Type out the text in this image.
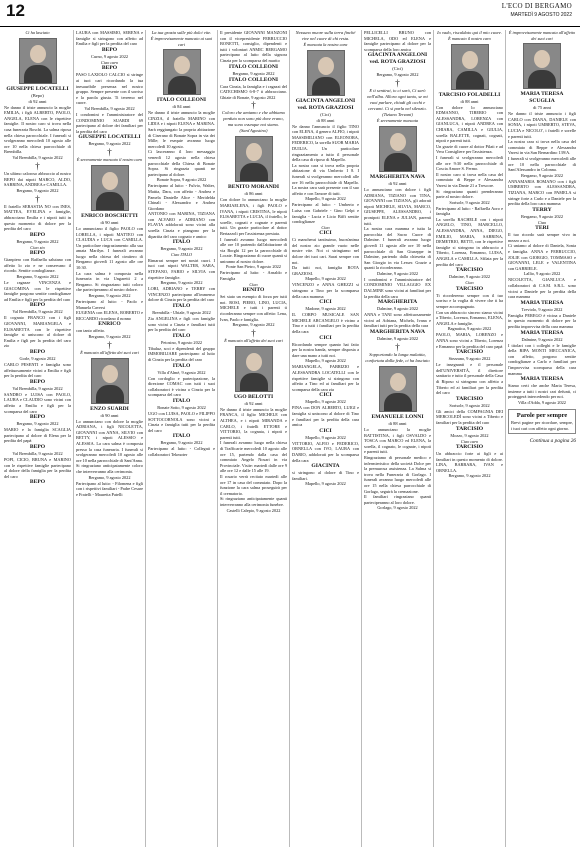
12	L'ECO DI BERGAMO
MARTEDÌ 9 AGOSTO 2022
Ci ha lasciato
GIUSEPPE LOCATELLI
(Bepo)
di 92 anni
Ne danno il triste annuncio la moglie EMILIA, i figli ALBERTO, PAOLO, ANGELA, ELENA con le rispettive famiglie. Il nostro caro si trova nella casa funeraria Boschi. La salma riposa nella chiesa parrocchiale. I funerali si svolgeranno mercoledì 10 agosto alle ore 10 nella chiesa parrocchiale di Brembilla.
Val Brembilla, 9 agosto 2022
†
Un ultimo caloroso abbraccio al nostro BEPO dai nipoti MARCO, ALDO, SABRINA, ANDREA e CAMILLA.
Bergamo, 9 agosto 2022
†
Il fratello SEBASTIA NO con INES, MATTEA, EVELINA e famiglie, abbracciano Emilia e i nipoti tutti in questo momento di dolore per la perdita del caro
BEPO
Bergamo, 9 agosto 2022
Ciao zio
BEPO
Gianpiero con Raffaella salutano con affetto lo zio e ne conservano il ricordo. Sentite condoglianze.
Bergamo, 9 agosto 2022
Le ragazze VINCENZA e GIACOMINA con le rispettive famiglie porgono sentite condoglianze ad Emilia e figli per la perdita del caro
BEPO
Val Brembilla, 9 agosto 2022
Il cognato FRANCO con i figli GIOVANNI, MARIANGELA e ELISABETTA con le rispettive famiglie si uniscono al dolore di Emilia e figli per la perdita del caro zio
BEPO
Gorle, 9 agosto 2022
CARLO PESENTI e famiglia sono affettuosamente vicini a Emilia e figli per la perdita del caro
BEPO
Val Brembilla, 9 agosto 2022
SANDRO e LUISA con PAOLO, LAURA e CLAUDIO sono vicini con affetto a Emilia e figli per la scomparsa del caro
BEPO
Bergamo, 9 agosto 2022
MARIO e la famiglia SCAGLIA partecipano al dolore di Elena per la perdita del papà
BEPO
Val Brembilla, 9 agosto 2022
POPI, CICIO, BRUNA e MARINO con le rispettive famiglie partecipano al dolore della famiglia per la perdita del caro
BEPO
LAURA con MASSIMO, SERENA e famiglie si stringono con affetto ad Emilia e figli per la perdita del caro
BEPO
Curno, 9 agosto 2022
Ciao caro
BEPO
PASO LAXIOLO CALCIO si stringe ai tuoi cari ricordando la tua inesauribile presenza nel nostro gruppo. Sempre presente con il sorriso e la parola giusta. Ti terremo nel cuore.
Val Brembilla, 9 agosto 2022
I condomini e l'amministratore del CONDOMINIO SUARDI 69 partecipano al dolore dei familiari per la perdita del caro
GIUSEPPE LOCATELLI
Bergamo, 9 agosto 2022
†
È serenamente mancato il nostro caro
ENRICO BOSCHETTI
di 90 anni
Lo annunciano il figlio PAOLO con LORELLA, i nipoti MATTEO con CLAUDIA e LUCA con CAMILLA. Un particolare ringraziamento alla sua amata Marilyn. I funerali avranno luogo nella chiesa del cimitero di Bergamo giovedì 11 agosto alle ore 10:30.
La cara salma è composta nella funeraria in via Ungaretti 2 a Bergamo. Si ringraziano tutti coloro che parteciperanno al nostro dolore.
Bergamo, 9 agosto 2022
Partecipano al lutto: - Paolo e Manuela Caversi
EUGENIA con ELENA, ROBERTO e RICCARDO ricordano il nonno
ENRICO
con tanto affetto.
Bergamo, 9 agosto 2022
†
È mancato all'affetto dei suoi cari
ENZO SUARDI
di 90 anni
Lo annunciano con dolore la moglie ADRIANA, i figli NICOLETTA, GIOVANNI con ANNA, SILVIO con BETTY, i nipoti ALESSIO e ALESSIA. La cara salma è composta presso la casa funeraria. I funerali si svolgeranno mercoledì 10 agosto alle ore 10 nella parrocchiale di Sant'Anna.
Si ringraziano anticipatamente coloro che interverranno alla cerimonia.
Bergamo, 9 agosto 2022
Partecipano al lutto: - Filomena e figli con i rispettivi familiari - Padre Cesare e Fratelli - Mauretta Patelli
La tua grazia sulle più dolci vite.
È improvvisamente mancato ai suoi cari
ITALO COLLEONI
di 84 anni
Ne danno il triste annuncio la moglie CINZIA, il fratello MARINO con LIDIA e i nipoti ELENA e MARINA. Sarà reggiungato la propria abitazione di Ciserano di Bonate Sopra in via dei Mille; le esequie avranno luogo mercoledì 10 agosto.
Ci lasceranno il loro messaggio venerdì 12 agosto nella chiesa parrocchiale della Chiesa di Bonate Sopra. Si ringrazia quanti ne partecipano al dolore.
Bonate Sopra, 9 agosto 2022
Partecipano al lutto: - Fulvio, Walter, Mattia, Dara, con affetto - Andrea e Pamela Danielle Alice - Meridelda Chinali - Alessandro e Andrea Giordano
ANTONIO con MARINA, TIZIANA con ALVARO e ADRIANO con FLAVIA addolorati sono vicini alla sorella Cinzia e piangono per la dipartita del caro cognato e amico
ITALO
Bergamo, 9 agosto 2022
Ciao ITALO
Rimarrai sempre nei nostri cuori. I tuoi cari nipoti WALTER, SARA, STEFANO, FABIO e SILVIA con rispettive famiglie.
Bergamo, 9 agosto 2022
LORI, ADRIANO e TERRY con VINCENZO partecipano all'immenso dolore di Cinzia per la perdita del caro
ITALO
Brembilla - Ubiale, 9 agosto 2022
Zia ANGELINA e figli con famiglie sono vicini a Cinzia e familiari tutti per la perdita del caro
ITALO
Petosino, 9 agosto 2022
Tibaluz, soci e dipendenti del gruppo IMMOBILIARE partecipano al lutto di Cinzia per la perdita del caro
ITALO
Villa d'Almè, 9 agosto 2022
Con cordoglio e partecipazione, la direzione COMAC con tutti i suoi collaboratori è vicina a Cinzia per la scomparsa del caro
ITALO
Bonate Sotto, 9 agosto 2022
UGO con LUISA, PAOLO e FILIPPO SOTTOCORNOLA sono vicini a Cinzia e famiglia tutti per la perdita del caro
ITALO
Bergamo, 9 agosto 2022
Partecipano al lutto: - Collegati e collaboratori Tekmoter
Il presidente GIOVANNI MANZONI con il vicepresidente FERRUCCIO BONETTI, consiglio, dipendenti e tutti i volontari ANMIC BERGAMO partecipano al lutto della signora Cinzia per la scomparsa del marito
ITALO COLLEONI
Bergamo, 9 agosto 2022
ITALO COLLEONI
Cara Cinzia, la famiglia e i ragazzi del CATECHISMO 6-8-7 ti abbracciano. Ghiaie di Bonate, 9 agosto 2022
†
Coloro che amiamo e che abbiamo perduto non sono più dove erano, ma sono ovunque noi siamo. (Sant'Agostino)
BENITO MORANDI
di 86 anni
Con dolore lo annunciano la moglie MARIAELENA, i figli PAOLO e IVANA, i nipoti CRISTINA, le nipoti ELISABETTA e LUCIA, il fratello, le sorelle, cognati e cognate e parenti tutti. Un grazie particolare al dottor Bertazzoli per l'assistenza prestata.
I funerali avranno luogo mercoledì alle ore 10 partendo dall'abitazione di via Borghi 12 per la parrocchiale di Locate. Ringraziamo di cuore quanti si uniranno al nostro dolore.
Ponte San Pietro, 9 agosto 2022
Partecipano al lutto: - Arnaldo e Famiglia
Ciao
BENITO
Sei stato un esempio di forza per tutti noi. ROSI, PIERO, LINO, LUCIA, MICHELE e tutti i parenti ti ricorderanno sempre con affetto: Lena, Ivan, Paolo e famiglia.
Bergamo, 9 agosto 2022
†
È mancato all'affetto dei suoi cari
UGO BELOTTI
di 92 anni
Ne danno il triste annuncio la moglie FRANCA, il figlio MICHELE con ALTHEA, e i nipoti MIRANDA e CARLO, i fratelli ETTORE e VITTORIO, la cognata, i nipoti e parenti tutti.
I funerali avranno luogo nella chiesa di Trafficarte mercoledì 10 agosto alle ore 15, partendo dalla casa del commiato Angelo Nosari in via Provinciale. Visite: martedì dalle ore 9 alle ore 12 e dalle 15 alle 19.
Il rosario verrà recitato martedì alle ore 17 in casa del commiato. Dopo la funzione la cara salma proseguirà per il crematorio.
Si ringraziano anticipatamente quanti interverranno alla cerimonia funebre.
Castelli Calepio, 9 agosto 2022
Nessuno muore sulla terra finché vive nel cuore di chi resta.
È mancata la nostra cara
GIACINTA ANGELONI ved. ROTA GRAZIOSI
(Cici)
di 88 anni
Ne danno l'annuncio il figlio TINO con ELENA, il genero ALFIO, i nipoti MASSIMILIANO con ELEONORA, FEDERICO, la sorella SUOR MARIA DUILIA. Un particolare ringraziamento a tutto il personale della casa di riposo di Mapello.
La nostra cara si trova nella propria abitazione di via Umberto I 8. I funerali si svolgeranno mercoledì alle ore 16 nella parrocchiale di Mapello. La nostra cara sarà presente con il suo affetto e con l'amore di tutti.
Mapello, 9 agosto 2022
Partecipano al lutto: - Umberto e Luisa con Gabriele - Gino Gelpi e famiglia - Lucia e Licio Biffi sentite condoglianze
Ciao
CICI
Ci mancherai tantissimo, buon'anima del nostro zio grande vuoto nelle nostre vite. Noi ci stringiamo nel dolore dei tuoi cari. Sarai sempre con noi.
Da tutti noi, famiglia ROTA GRAZIOSI.
Mapello, 9 agosto 2022
VINCENZO e ANNA GHEZZI si stringono a Tino per la scomparsa della cara mamma
CICI
Madone, 9 agosto 2022
IL CORPO MUSICALE SAN MICHELE ARCANGELO è vicino a Tino e a tutti i familiari per la perdita della cara
CICI
Ricordando sempre quanto hai fatto per la nostra banda, sempre disposta a dare una mano a tutti noi.
Mapello, 9 agosto 2022
MARIANGELA, FABRIZIO e ALESSANDRA LOCATELLI con le rispettive famiglie si stringono con affetto a Tino ed ai familiari per la scomparsa della cara zia
CICI
Mapello, 9 agosto 2022
PINA con DON ALBERTO, LUIGI e famiglia si uniscono al dolore di Tino e familiari per la perdita della cara amica
CICI
Mapello, 9 agosto 2022
VITTORIO, ALFIO e FEDERICO, ORNELLA con IVO, LAURA con DARIO, addolorati per la scomparsa della cara
GIACINTA
si stringono al dolore di Tino e familiari.
Mapello, 9 agosto 2022
PELLICELLI BRUNO con MICHELA, ODO ed ELENA e famiglie partecipano al dolore per la scomparsa della loro amica
GIACINTA ANGELONI ved. ROTA GRAZIOSI
(Cici)
Bergamo, 9 agosto 2022
†
E ti sentirai, io ci sarò, Ci sarò nell'alba. Allora ogni tanto, se mi vuoi parlare, chiudi gli occhi e cercami. Ci si parla nel silenzio. (Tiziano Terzani)
È serenamente mancata
MARGHERITA NAVA
di 92 anni
Lo annunciano con dolore i figli ADRIANA, TIZIANO con TINA, GIOVANNI con TIZIANA, gli adorati nipoti MICHELE, SILVIA, MARCO, GIUSEPPE, ALESSANDRO, i pronipoti ELENA e JULIAN, parenti tutti.
La nostra cara mamma e tutta la parrocchia del Sacro Cuore di Dalmine. I funerali avranno luogo giovedì 11 agosto alle ore 10 nella parrocchiale di San Giuseppe in Dalmine, partendo dalla chiesetta di San Giorgio in via Lesser. Grazie a quanti la ricorderanno.
Dalmine, 9 agosto 2022
I condomini e l'amministratore del CONDOMINIO VILLAGGIO EX DALMINE sono vicini ai familiari per la perdita della cara
MARGHERITA
Dalmine, 9 agosto 2022
ANNA e TANI sono affettuosamente vicini ad Adriana, Michela, Ivana e familiari tutti per la perdita della cara
MARGHERITA NAVA
Dalmine, 9 agosto 2022
†
Sopportando la lunga malattia, confortata dalla fede, ci ha lasciato
EMANUELE LONNI
di 88 anni
Lo annunciano la moglie BATTISTINA, i figli OSVALDO e TOSCA con MARCO ed ELENA, la sorella, il cognato, le cognate, i nipoti e parenti tutti.
Ringraziamo di personale medico e infermieristico della società Dolce per la premurosa assistenza. La Salma si trova nella Funeraria di Gorlago. I funerali avranno luogo mercoledì alle ore 15 nella chiesa parrocchiale di Gorlago, seguirà la cremazione.
Il familiari ringraziano quanti parteciperanno al loro dolore.
Gorlago, 9 agosto 2022
Io vado, riscaldato qui il mio cuore.
È mancato il nostro caro
TARCISIO FOLADELLI
di 88 anni
Con dolore lo annunciano EDMANNO, TIBERIO con ALESSANDRA, LORENZA con GIANLUCA, i nipoti ANDREA con CHIARA, CAMILLA e GIULIA, sorella BALETTE, cognati, cognati, nipoti e parenti tutti.
Un grazie di cuore al dottor Pilati e ad Vera Consigliere per l'assistenza.
I funerali si svolgeranno mercoledì alle ore 9:30 nella parrocchiale di Coscia Amore S. Fermo.
Il nostro caro si trova nella casa del commiato di Beppe e Alessandra Varesi in via Dante 21 a Trescore.
Si ringraziano quanti prenderanno parte al nostro dolore.
Sorisole, 9 agosto 2022
Partecipano al lutto: - Raffaella Aoro e famiglia
La sorella RACHELE con i nipoti ANGELO, TINO, MARCELLO, ALESSANDRA, ANNA, DIEGO, EMILIO, MARIA, SABRINA, DEMETRIO, BETTI, con le rispettive famiglie si stringono in abbraccio a Tiberio, Lorenza, Ermanno, LUISA, ANGELA e CAMILLA. Sfilata per la perdita del caro
TARCISIO
Dalmine, 9 agosto 2022
Ciao
TARCISIO
Ti ricorderemo sempre con il tuo sorriso e la voglia di vivere che ti ha sempre accompagnato.
Con un abbraccio sincero siamo vicini a Tiberio, Lorenza, Ermanno, ELENA, ANGELA e famiglie.
Bagnatica, 9 agosto 2022
PAOLO, MARIA, LORENZO e ANNA sono vicini a Tiberio, Lorenza e Ermanno per la perdita del caro papà
TARCISIO
Stezzano, 9 agosto 2022
Le insegnanti e il personale dell'UNIVERSITÀ, il direttore sanitario e tutto il personale della Casa di Riposo si stringono con affetto a Tiberio ed ai familiari per la perdita del caro
TARCISIO
Sorisole, 9 agosto 2022
Gli amici della COMPAGNIA DEI MERCOLEDÌ sono vicini a Tiberio e familiari per la perdita del caro
TARCISIO
Mozzo, 9 agosto 2022
Ciao caro
TARCISIO
Un abbraccio forte ai figli e ai familiari in questo momento di dolore. LINA, BARBARA, IVAN e ORNELLA.
Bergamo, 9 agosto 2022
È improvvisamente mancata all'affetto dei suoi cari
MARIA TERESA SCUGLIA
di 75 anni
Ne danno il triste annuncio i figli CARLO con DIANA, DANIELE con SONIA, i nipoti UMBERTO, STEVA, LUCIA e NICOLO', i fratelli e sorelle e parenti tutti.
La nostra cara si trova nella casa del commiato di Beppe e Alessandra Varesi in via San Bernardino 139/A.
I funerali si svolgeranno mercoledì alle ore 10 nella parrocchiale di Sant'Alessandro in Colonna.
Bergamo, 9 agosto 2022
ANNAMARIA ROMANO con i figli UMBERTO con ALESSANDRA, TIZIANA, MARCO con PAMELA si stringe forte a Carlo e a Daniele per la perdita della loro cara mamma
TERRY
Bergamo, 9 agosto 2022
Ciao
TERI
Il tuo ricordo sarà sempre vivo in mezzo a noi.
Ci uniamo al dolore di Daniela, Sonia e famiglia. ANNA e FERRUCCIO, JOLIE con GIORGIO, TOMMASO e GIOVANNI, LELE e VALENTINA con GABRIELE.
Lallio, 9 agosto 2022
NICOLETTA, GIANLUCA e collaboratori di C.S.M. S.R.L. sono vicini a Daniele per la perdita della cara mamma
MARIA TERESA
Treviolo, 9 agosto 2022
Famiglia PEREGO è vicina a Daniele in questo momento di dolore per la perdita improvvisa della cara mamma
MARIA TERESA
Dalmine, 9 agosto 2022
I titolari con i colleghi e le famiglie della RIPA MONTI MECCANICA, con affetto, porgono sentite condoglianze a Carlo e familiari per l'improvvisa scomparsa della cara mamma
MARIA TERESA
Siamo certi che anche Maria Teresa, insieme a tutti i nostri cari defunti, ci proteggerà intercedendo per noi.
Villa d'Adda, 9 agosto 2022
Parole per sempre
Brevi pagine per ricordare, sempre, i tuoi cari con affetto ogni giorno.
Continua a pagina 26
